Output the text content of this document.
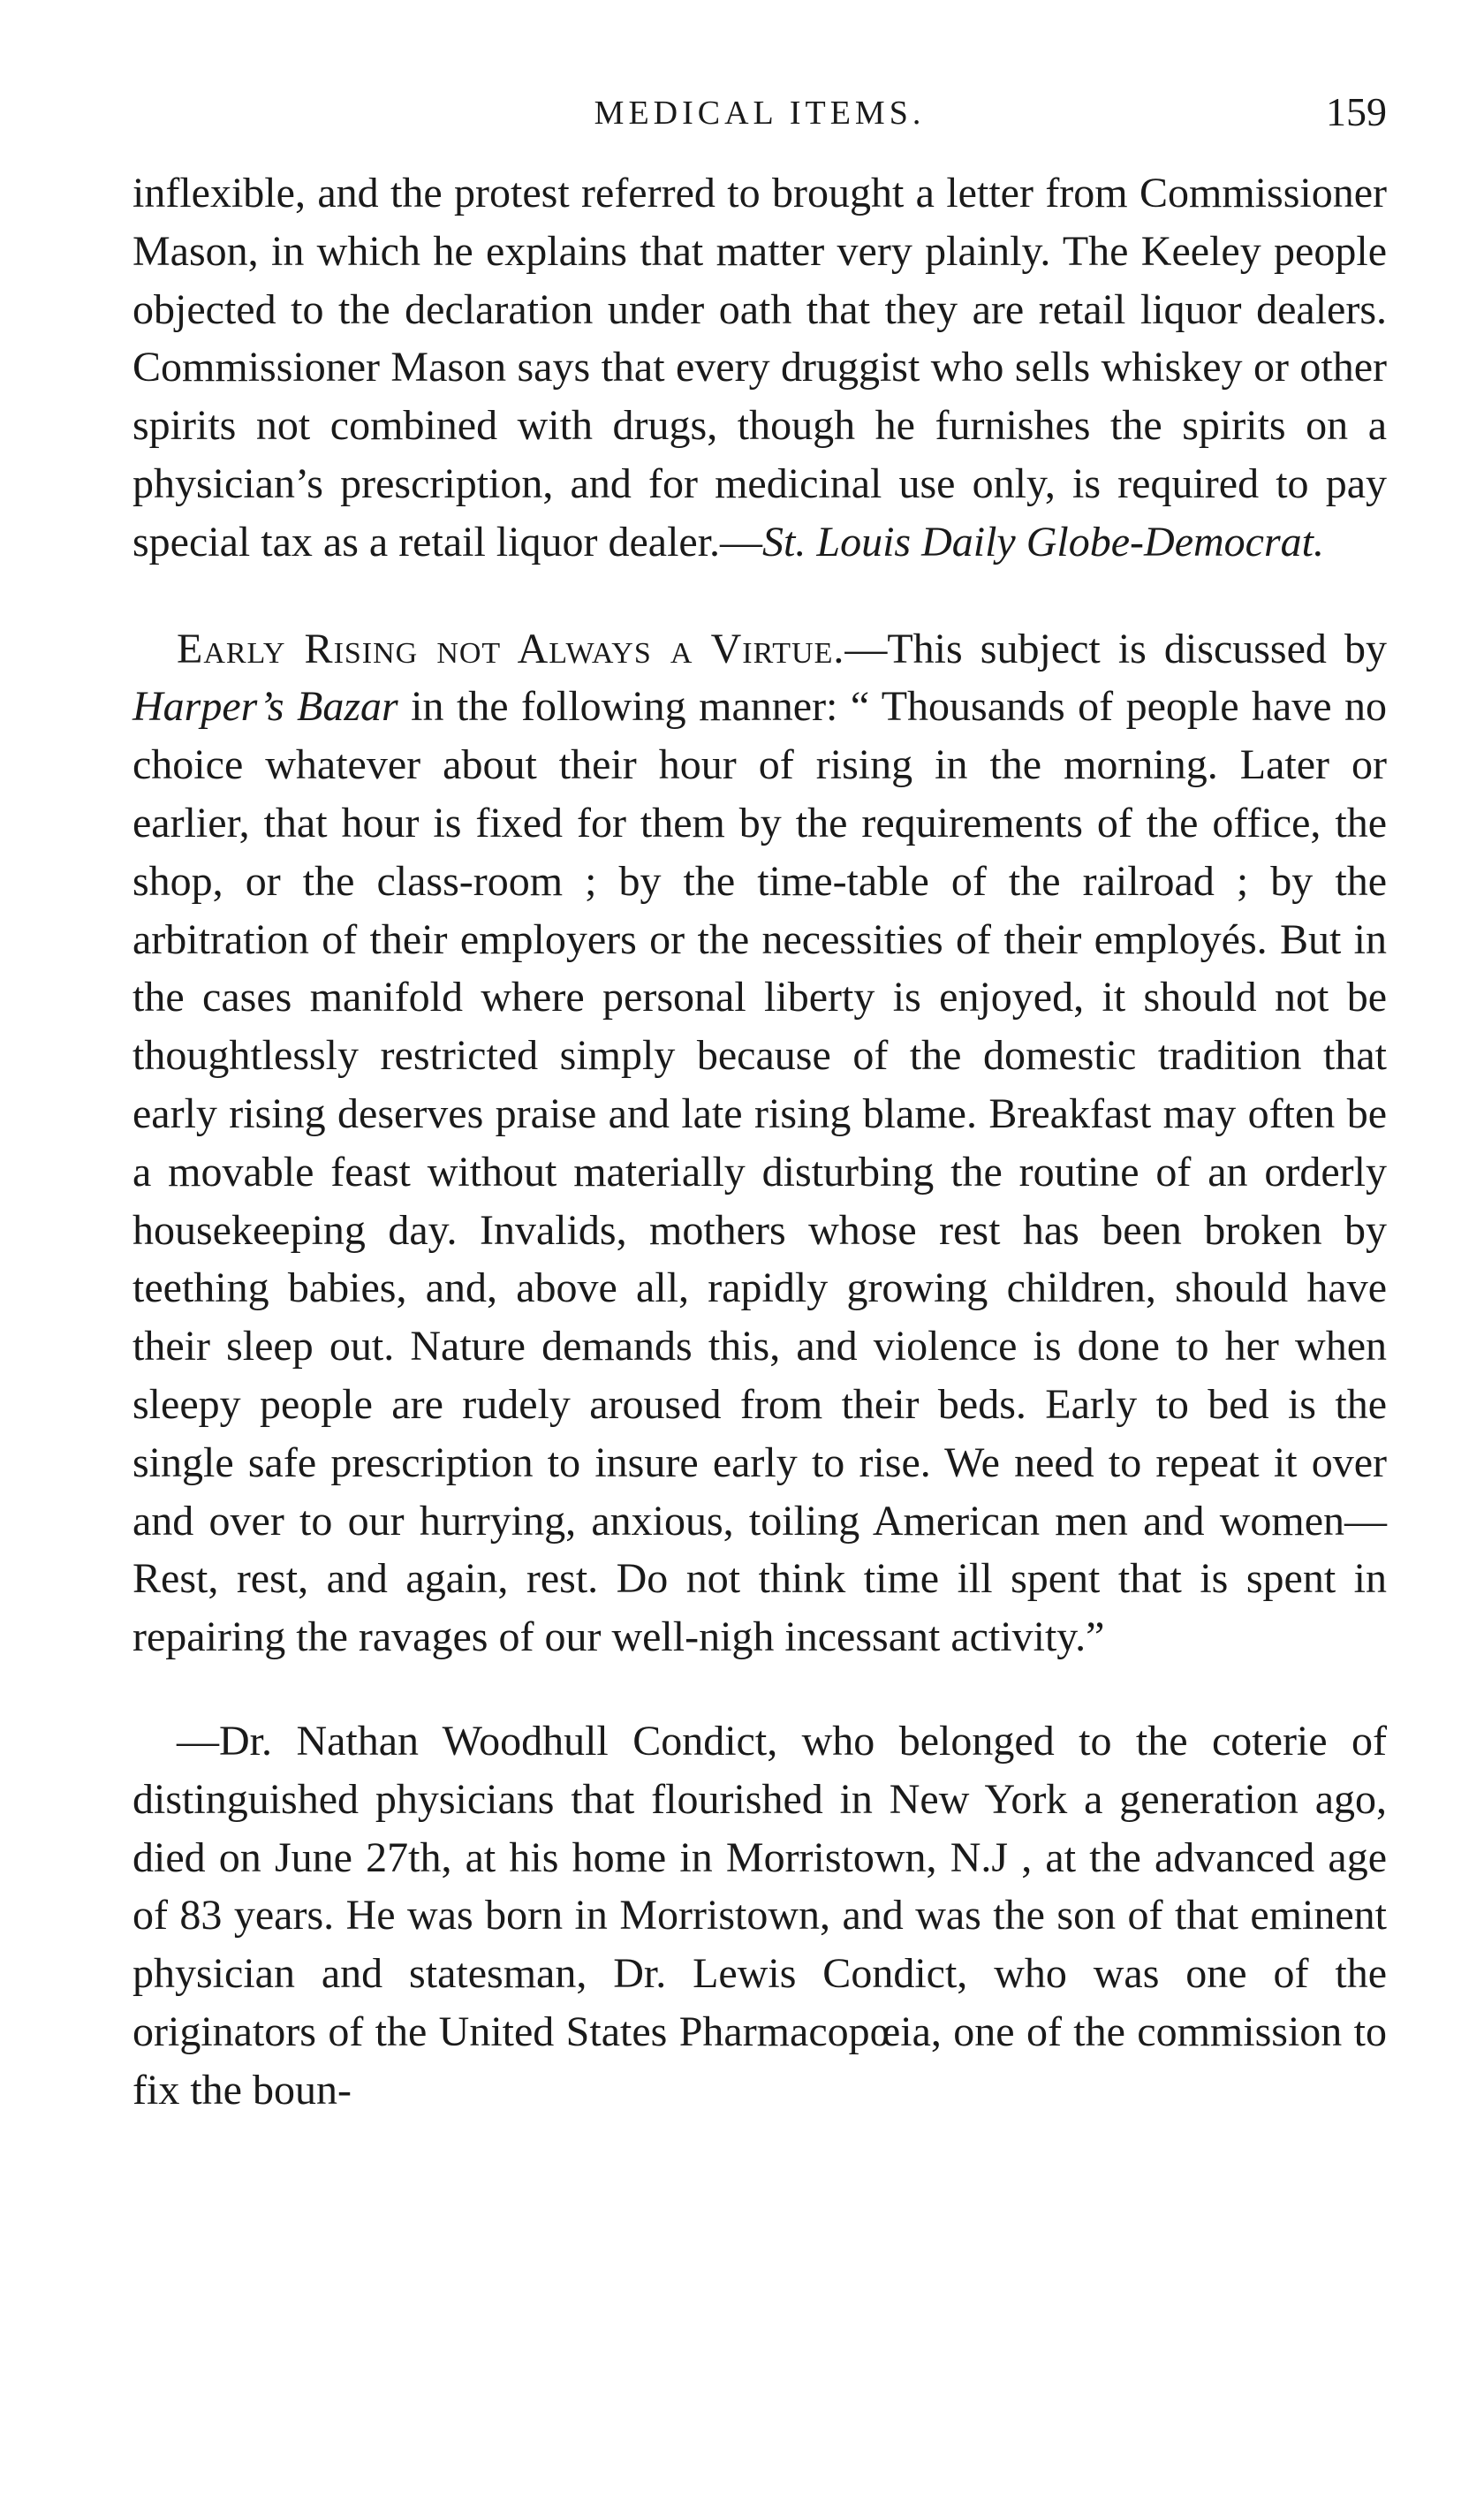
MEDICAL ITEMS.	159

inflexible, and the protest referred to brought a letter from Commissioner Mason, in which he explains that matter very plainly. The Keeley people objected to the declaration under oath that they are retail liquor dealers. Commissioner Mason says that every druggist who sells whiskey or other spirits not combined with drugs, though he furnishes the spirits on a physician’s prescription, and for medicinal use only, is required to pay special tax as a retail liquor dealer.—St. Louis Daily Globe-Democrat.

Early Rising not Always a Virtue.—This subject is discussed by Harper’s Bazar in the following manner: “ Thousands of people have no choice whatever about their hour of rising in the morning. Later or earlier, that hour is fixed for them by the requirements of the office, the shop, or the class-room ; by the time-table of the railroad ; by the arbitration of their employers or the necessities of their employés. But in the cases manifold where personal liberty is enjoyed, it should not be thoughtlessly restricted simply because of the domestic tradition that early rising deserves praise and late rising blame. Breakfast may often be a movable feast without materially disturbing the routine of an orderly housekeeping day. Invalids, mothers whose rest has been broken by teething babies, and, above all, rapidly growing children, should have their sleep out. Nature demands this, and violence is done to her when sleepy people are rudely aroused from their beds. Early to bed is the single safe prescription to insure early to rise. We need to repeat it over and over to our hurrying, anxious, toiling American men and women—Rest, rest, and again, rest. Do not think time ill spent that is spent in repairing the ravages of our well-nigh incessant activity.”

—Dr. Nathan Woodhull Condict, who belonged to the coterie of distinguished physicians that flourished in New York a generation ago, died on June 27th, at his home in Morristown, N.J , at the advanced age of 83 years. He was born in Morristown, and was the son of that eminent physician and statesman, Dr. Lewis Condict, who was one of the originators of the United States Pharmacopœia, one of the commission to fix the boun-
